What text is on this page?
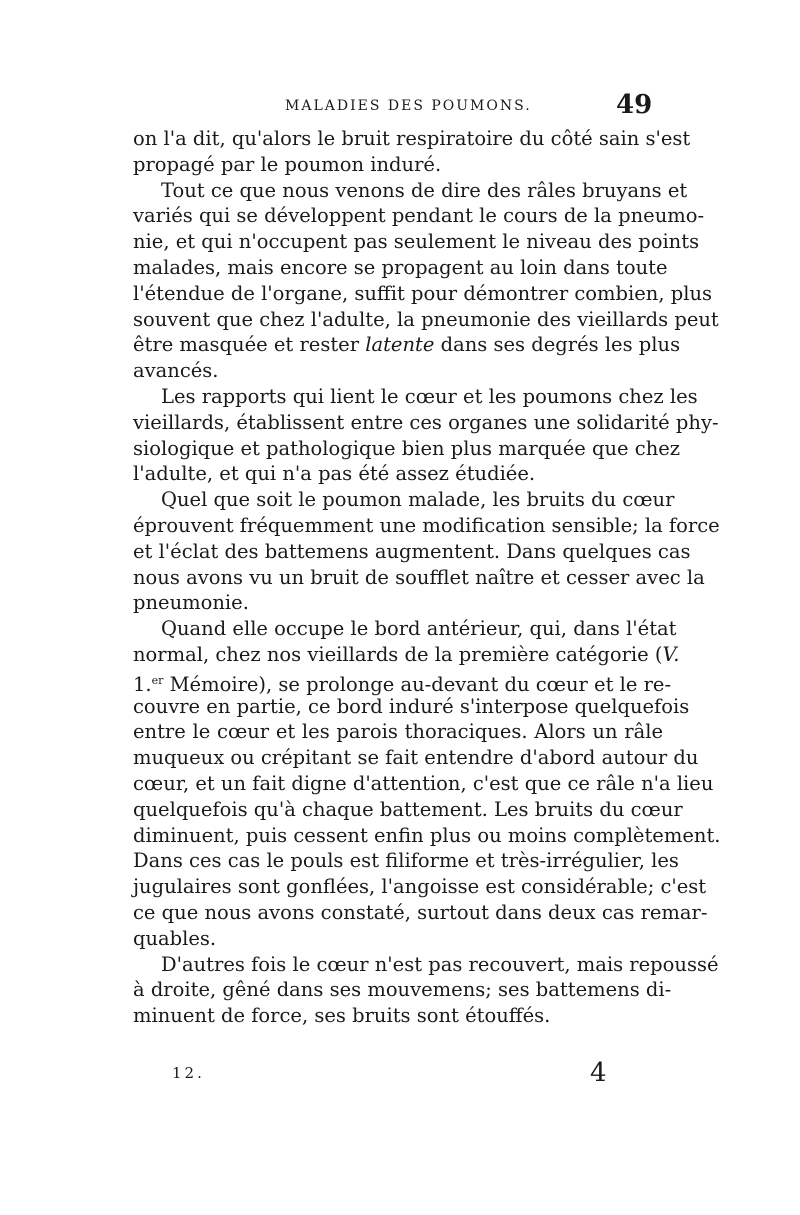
MALADIES DES POUMONS.	49
on l'a dit, qu'alors le bruit respiratoire du côté sain s'est
propagé par le poumon induré.
Tout ce que nous venons de dire des râles bruyans et
variés qui se développent pendant le cours de la pneumo-
nie, et qui n'occupent pas seulement le niveau des points
malades, mais encore se propagent au loin dans toute
l'étendue de l'organe, suffit pour démontrer combien, plus
souvent que chez l'adulte, la pneumonie des vieillards peut
être masquée et rester latente dans ses degrés les plus
avancés.
Les rapports qui lient le cœur et les poumons chez les
vieillards, établissent entre ces organes une solidarité phy-
siologique et pathologique bien plus marquée que chez
l'adulte, et qui n'a pas été assez étudiée.
Quel que soit le poumon malade, les bruits du cœur
éprouvent fréquemment une modification sensible; la force
et l'éclat des battemens augmentent. Dans quelques cas
nous avons vu un bruit de soufflet naître et cesser avec la
pneumonie.
Quand elle occupe le bord antérieur, qui, dans l'état
normal, chez nos vieillards de la première catégorie (V.
1.$^{er}$ Mémoire), se prolonge au-devant du cœur et le re-
couvre en partie, ce bord induré s'interpose quelquefois
entre le cœur et les parois thoraciques. Alors un râle
muqueux ou crépitant se fait entendre d'abord autour du
cœur, et un fait digne d'attention, c'est que ce râle n'a lieu
quelquefois qu'à chaque battement. Les bruits du cœur
diminuent, puis cessent enfin plus ou moins complètement.
Dans ces cas le pouls est filiforme et très-irrégulier, les
jugulaires sont gonflées, l'angoisse est considérable; c'est
ce que nous avons constaté, surtout dans deux cas remar-
quables.
D'autres fois le cœur n'est pas recouvert, mais repoussé
à droite, gêné dans ses mouvemens; ses battemens di-
minuent de force, ses bruits sont étouffés.
12.	4
